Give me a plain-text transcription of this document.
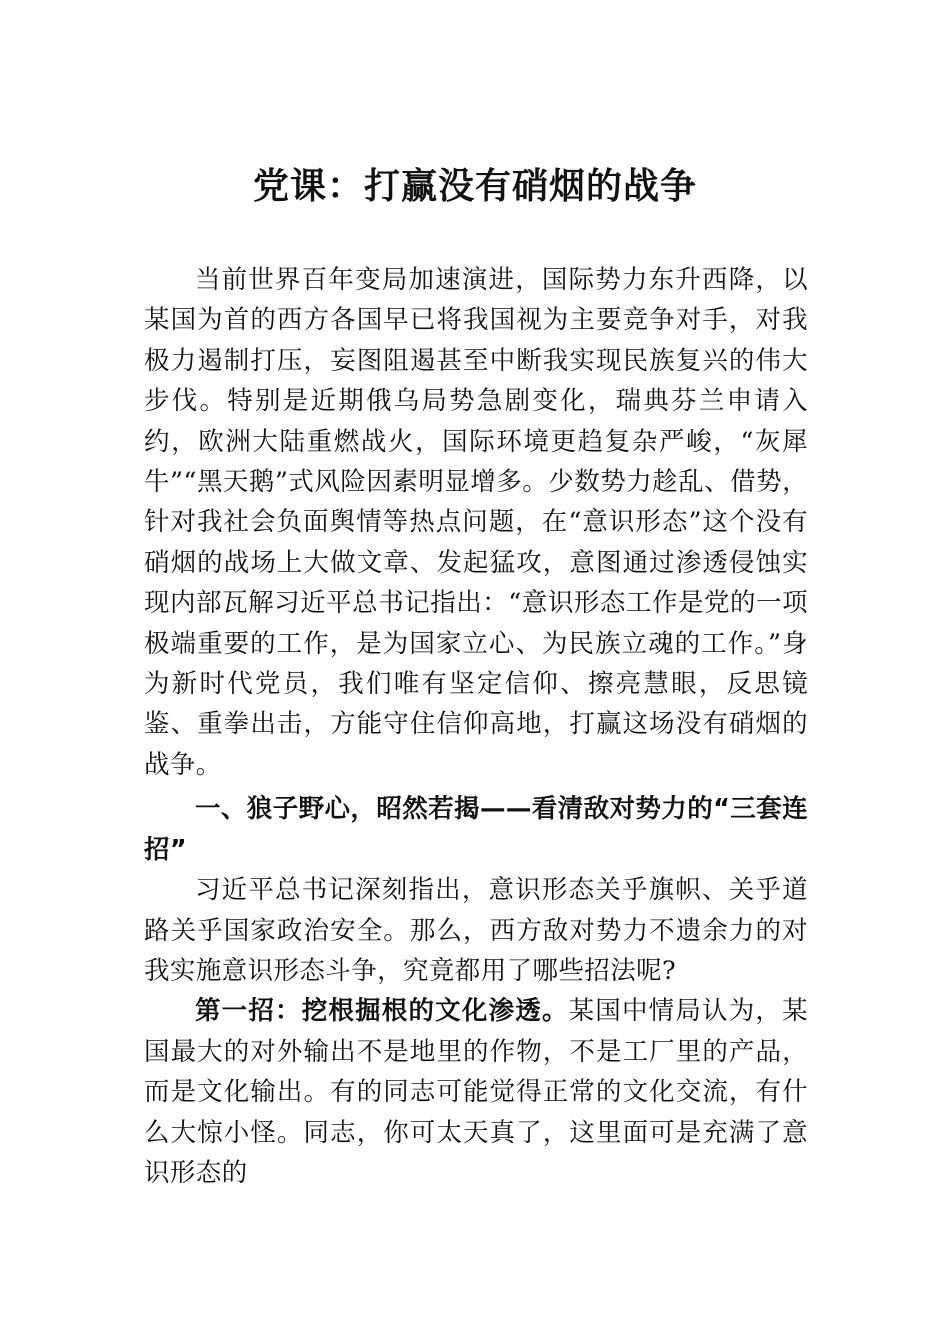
党课：打赢没有硝烟的战争

当前世界百年变局加速演进，国际势力东升西降，以某国为首的西方各国早已将我国视为主要竞争对手，对我极力遏制打压，妄图阻遏甚至中断我实现民族复兴的伟大步伐。特别是近期俄乌局势急剧变化，瑞典芬兰申请入约，欧洲大陆重燃战火，国际环境更趋复杂严峻，“灰犀牛”“黑天鹅”式风险因素明显增多。少数势力趁乱、借势，针对我社会负面舆情等热点问题，在“意识形态”这个没有硝烟的战场上大做文章、发起猛攻，意图通过渗透侵蚀实现内部瓦解习近平总书记指出：“意识形态工作是党的一项极端重要的工作，是为国家立心、为民族立魂的工作。”身为新时代党员，我们唯有坚定信仰、擦亮慧眼，反思镜鉴、重拳出击，方能守住信仰高地，打赢这场没有硝烟的战争。

一、狼子野心，昭然若揭——看清敌对势力的“三套连招”

习近平总书记深刻指出，意识形态关乎旗帜、关乎道路关乎国家政治安全。那么，西方敌对势力不遗余力的对我实施意识形态斗争，究竟都用了哪些招法呢?

第一招：挖根掘根的文化渗透。某国中情局认为，某国最大的对外输出不是地里的作物，不是工厂里的产品，而是文化输出。有的同志可能觉得正常的文化交流，有什么大惊小怪。同志，你可太天真了，这里面可是充满了意识形态的
